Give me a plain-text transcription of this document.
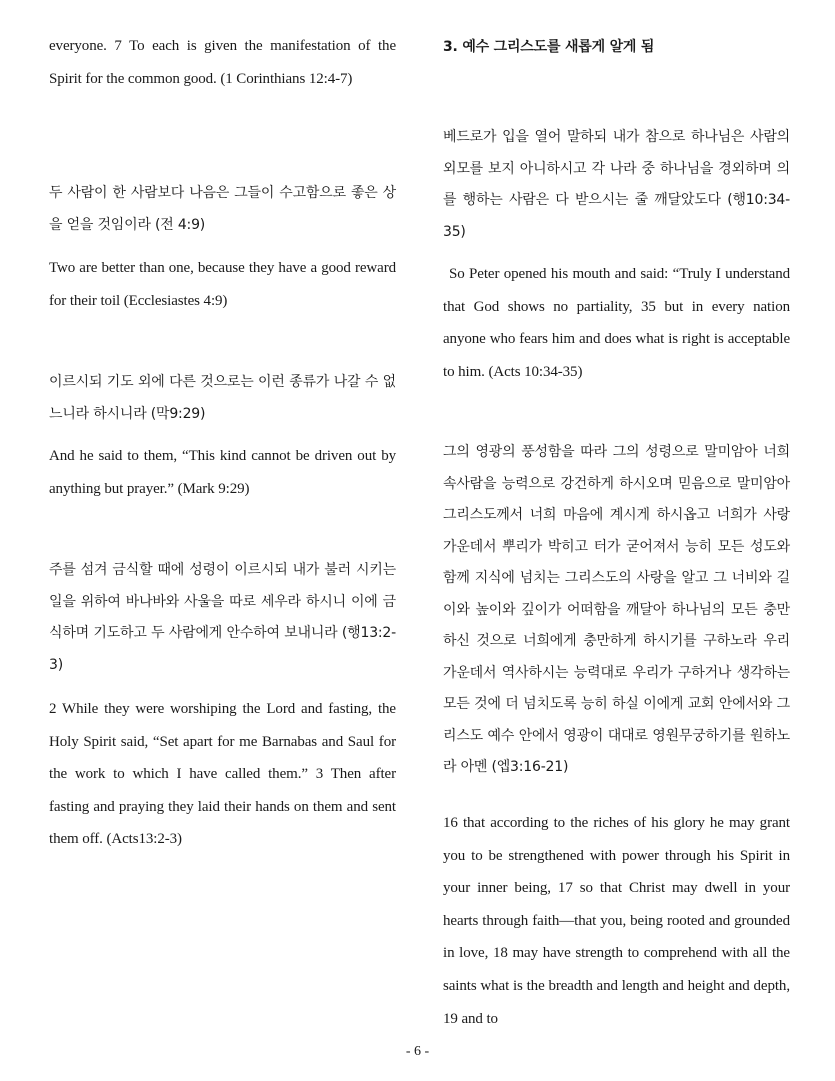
everyone. 7 To each is given the manifestation of the Spirit for the common good. (1 Corinthians 12:4-7)

두 사람이 한 사람보다 나음은 그들이 수고함으로 좋은 상을 얻을 것임이라 (전 4:9)

Two are better than one, because they have a good reward for their toil (Ecclesiastes 4:9)

이르시되 기도 외에 다른 것으로는 이런 종류가 나갈 수 없느니라 하시니라 (막9:29)

And he said to them, “This kind cannot be driven out by anything but prayer.” (Mark 9:29)

주를 섬겨 금식할 때에 성령이 이르시되 내가 불러 시키는 일을 위하여 바나바와 사울을 따로 세우라 하시니 이에 금식하며 기도하고 두 사람에게 안수하여 보내니라 (행13:2-3)

2 While they were worshiping the Lord and fasting, the Holy Spirit said, “Set apart for me Barnabas and Saul for the work to which I have called them.” 3 Then after fasting and praying they laid their hands on them and sent them off. (Acts13:2-3)

3. 예수 그리스도를 새롭게 알게 됨

베드로가 입을 열어 말하되 내가 참으로 하나님은 사람의 외모를 보지 아니하시고 각 나라 중 하나님을 경외하며 의를 행하는 사람은 다 받으시는 줄 깨달았도다 (행10:34-35)

So Peter opened his mouth and said: “Truly I understand that God shows no partiality, 35 but in every nation anyone who fears him and does what is right is acceptable to him. (Acts 10:34-35)

그의 영광의 풍성함을 따라 그의 성령으로 말미암아 너희 속사람을 능력으로 강건하게 하시오며 믿음으로 말미암아 그리스도께서 너희 마음에 계시게 하시옵고 너희가 사랑 가운데서 뿌리가 박히고 터가 굳어져서 능히 모든 성도와 함께 지식에 넘치는 그리스도의 사랑을 알고 그 너비와 길이와 높이와 깊이가 어떠함을 깨달아 하나님의 모든 충만하신 것으로 너희에게 충만하게 하시기를 구하노라 우리 가운데서 역사하시는 능력대로 우리가 구하거나 생각하는 모든 것에 더 넘치도록 능히 하실 이에게 교회 안에서와 그리스도 예수 안에서 영광이 대대로 영원무궁하기를 원하노라 아멘 (엡3:16-21)

16 that according to the riches of his glory he may grant you to be strengthened with power through his Spirit in your inner being, 17 so that Christ may dwell in your hearts through faith—that you, being rooted and grounded in love, 18 may have strength to comprehend with all the saints what is the breadth and length and height and depth, 19 and to

- 6 -
